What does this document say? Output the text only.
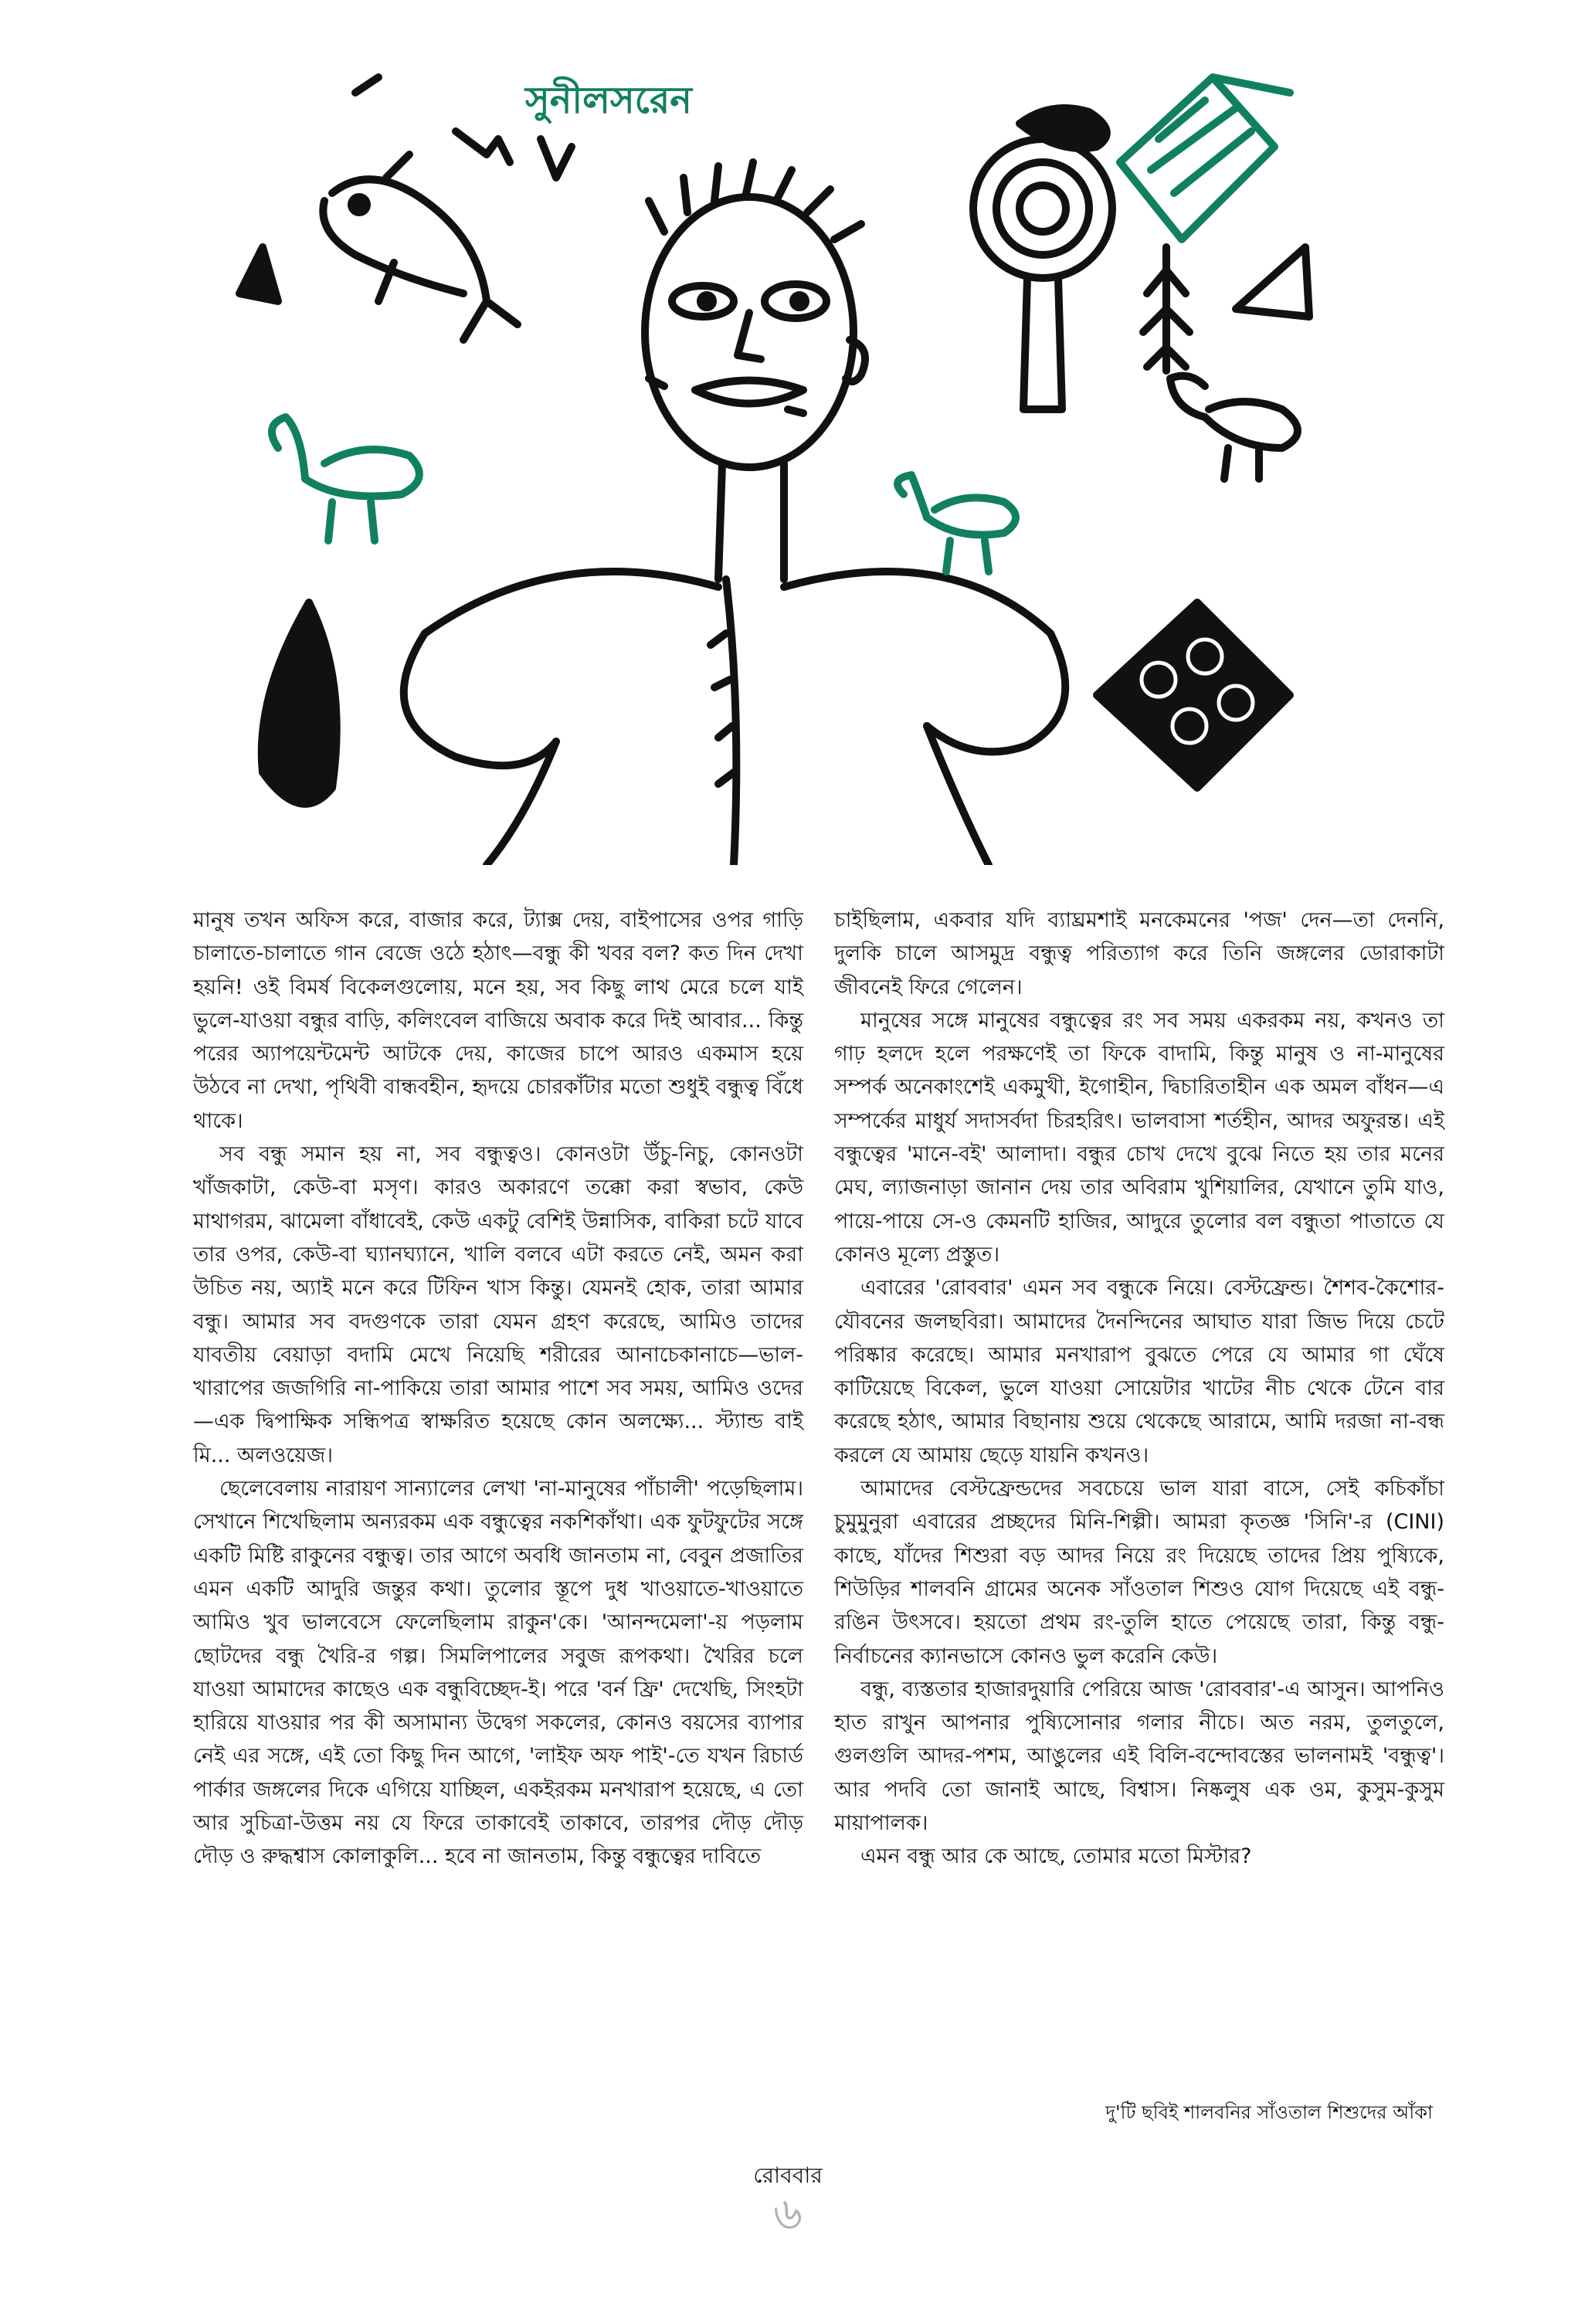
সুনীলসরেন

মানুষ তখন অফিস করে, বাজার করে, ট্যাক্স দেয়, বাইপাসের ওপর গাড়ি চালাতে-চালাতে গান বেজে ওঠে হঠাৎ—বন্ধু কী খবর বল? কত দিন দেখা হয়নি! ওই বিমর্ষ বিকেলগুলোয়, মনে হয়, সব কিছু লাথ মেরে চলে যাই ভুলে-যাওয়া বন্ধুর বাড়ি, কলিংবেল বাজিয়ে অবাক করে দিই আবার... কিন্তু পরের অ্যাপয়েন্টমেন্ট আটকে দেয়, কাজের চাপে আরও একমাস হয়ে উঠবে না দেখা, পৃথিবী বান্ধবহীন, হৃদয়ে চোরকাঁটার মতো শুধুই বন্ধুত্ব বিঁধে থাকে।

সব বন্ধু সমান হয় না, সব বন্ধুত্বও। কোনওটা উঁচু-নিচু, কোনওটা খাঁজকাটা, কেউ-বা মসৃণ। কারও অকারণে তক্কো করা স্বভাব, কেউ মাথাগরম, ঝামেলা বাঁধাবেই, কেউ একটু বেশিই উন্নাসিক, বাকিরা চটে যাবে তার ওপর, কেউ-বা ঘ্যানঘ্যানে, খালি বলবে এটা করতে নেই, অমন করা উচিত নয়, অ্যাই মনে করে টিফিন খাস কিন্তু। যেমনই হোক, তারা আমার বন্ধু। আমার সব বদগুণকে তারা যেমন গ্রহণ করেছে, আমিও তাদের যাবতীয় বেয়াড়া বদামি মেখে নিয়েছি শরীরের আনাচেকানাচে—ভাল-খারাপের জজগিরি না-পাকিয়ে তারা আমার পাশে সব সময়, আমিও ওদের—এক দ্বিপাক্ষিক সন্ধিপত্র স্বাক্ষরিত হয়েছে কোন অলক্ষ্যে... স্ট্যান্ড বাই মি... অলওয়েজ।

ছেলেবেলায় নারায়ণ সান্যালের লেখা 'না-মানুষের পাঁচালী' পড়েছিলাম। সেখানে শিখেছিলাম অন্যরকম এক বন্ধুত্বের নকশিকাঁথা। এক ফুটফুটের সঙ্গে একটি মিষ্টি রাকুনের বন্ধুত্ব। তার আগে অবধি জানতাম না, বেবুন প্রজাতির এমন একটি আদুরি জন্তুর কথা। তুলোর স্তূপে দুধ খাওয়াতে-খাওয়াতে আমিও খুব ভালবেসে ফেলেছিলাম রাকুন'কে। 'আনন্দমেলা'-য় পড়লাম ছোটদের বন্ধু খৈরি-র গল্প। সিমলিপালের সবুজ রূপকথা। খৈরির চলে যাওয়া আমাদের কাছেও এক বন্ধুবিচ্ছেদ-ই। পরে 'বর্ন ফ্রি' দেখেছি, সিংহটা হারিয়ে যাওয়ার পর কী অসামান্য উদ্বেগ সকলের, কোনও বয়সের ব্যাপার নেই এর সঙ্গে, এই তো কিছু দিন আগে, 'লাইফ অফ পাই'-তে যখন রিচার্ড পার্কার জঙ্গলের দিকে এগিয়ে যাচ্ছিল, একইরকম মনখারাপ হয়েছে, এ তো আর সুচিত্রা-উত্তম নয় যে ফিরে তাকাবেই তাকাবে, তারপর দৌড় দৌড় দৌড় ও রুদ্ধশ্বাস কোলাকুলি... হবে না জানতাম, কিন্তু বন্ধুত্বের দাবিতে

চাইছিলাম, একবার যদি ব্যাঘ্রমশাই মনকেমনের 'পজ' দেন—তা দেননি, দুলকি চালে আসমুদ্র বন্ধুত্ব পরিত্যাগ করে তিনি জঙ্গলের ডোরাকাটা জীবনেই ফিরে গেলেন।

মানুষের সঙ্গে মানুষের বন্ধুত্বের রং সব সময় একরকম নয়, কখনও তা গাঢ় হলদে হলে পরক্ষণেই তা ফিকে বাদামি, কিন্তু মানুষ ও না-মানুষের সম্পর্ক অনেকাংশেই একমুখী, ইগোহীন, দ্বিচারিতাহীন এক অমল বাঁধন—এ সম্পর্কের মাধুর্য সদাসর্বদা চিরহরিৎ। ভালবাসা শর্তহীন, আদর অফুরন্ত। এই বন্ধুত্বের 'মানে-বই' আলাদা। বন্ধুর চোখ দেখে বুঝে নিতে হয় তার মনের মেঘ, ল্যাজনাড়া জানান দেয় তার অবিরাম খুশিয়ালির, যেখানে তুমি যাও, পায়ে-পায়ে সে-ও কেমনটি হাজির, আদুরে তুলোর বল বন্ধুতা পাতাতে যে কোনও মূল্যে প্রস্তুত।

এবারের 'রোববার' এমন সব বন্ধুকে নিয়ে। বেস্টফ্রেন্ড। শৈশব-কৈশোর-যৌবনের জলছবিরা। আমাদের দৈনন্দিনের আঘাত যারা জিভ দিয়ে চেটে পরিষ্কার করেছে। আমার মনখারাপ বুঝতে পেরে যে আমার গা ঘেঁষে কাটিয়েছে বিকেল, ভুলে যাওয়া সোয়েটার খাটের নীচ থেকে টেনে বার করেছে হঠাৎ, আমার বিছানায় শুয়ে থেকেছে আরামে, আমি দরজা না-বন্ধ করলে যে আমায় ছেড়ে যায়নি কখনও।

আমাদের বেস্টফ্রেন্ডদের সবচেয়ে ভাল যারা বাসে, সেই কচিকাঁচা চুমুমুনুরা এবারের প্রচ্ছদের মিনি-শিল্পী। আমরা কৃতজ্ঞ 'সিনি'-র (CINI) কাছে, যাঁদের শিশুরা বড় আদর নিয়ে রং দিয়েছে তাদের প্রিয় পুষ্যিকে, শিউড়ির শালবনি গ্রামের অনেক সাঁওতাল শিশুও যোগ দিয়েছে এই বন্ধু-রঙিন উৎসবে। হয়তো প্রথম রং-তুলি হাতে পেয়েছে তারা, কিন্তু বন্ধু-নির্বাচনের ক্যানভাসে কোনও ভুল করেনি কেউ।

বন্ধু, ব্যস্ততার হাজারদুয়ারি পেরিয়ে আজ 'রোববার'-এ আসুন। আপনিও হাত রাখুন আপনার পুষ্যিসোনার গলার নীচে। অত নরম, তুলতুলে, গুলগুলি আদর-পশম, আঙুলের এই বিলি-বন্দোবস্তের ভালনামই 'বন্ধুত্ব'। আর পদবি তো জানাই আছে, বিশ্বাস। নিষ্কলুষ এক ওম, কুসুম-কুসুম মায়াপালক।

এমন বন্ধু আর কে আছে, তোমার মতো মিস্টার?

দু'টি ছবিই শালবনির সাঁওতাল শিশুদের আঁকা
রোববার
৬
